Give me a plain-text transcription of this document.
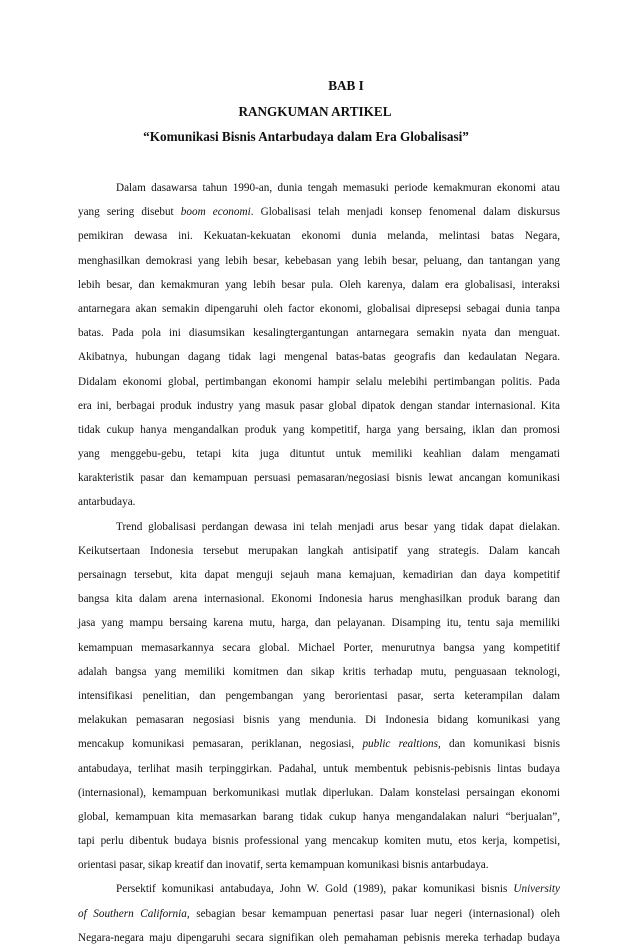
BAB I
RANGKUMAN ARTIKEL
“Komunikasi Bisnis Antarbudaya dalam Era Globalisasi”
Dalam dasawarsa tahun 1990-an, dunia tengah memasuki periode kemakmuran ekonomi atau
yang sering disebut boom economi. Globalisasi telah menjadi konsep fenomenal dalam diskursus
pemikiran dewasa ini. Kekuatan-kekuatan ekonomi dunia melanda, melintasi batas Negara,
menghasilkan demokrasi yang lebih besar, kebebasan yang lebih besar, peluang, dan tantangan yang
lebih besar, dan kemakmuran yang lebih besar pula. Oleh karenya, dalam era globalisasi, interaksi
antarnegara akan semakin dipengaruhi oleh factor ekonomi, globalisai dipresepsi sebagai dunia tanpa
batas. Pada pola ini diasumsikan kesalingtergantungan antarnegara semakin nyata dan menguat.
Akibatnya, hubungan dagang tidak lagi mengenal batas-batas geografis dan kedaulatan Negara.
Didalam ekonomi global, pertimbangan ekonomi hampir selalu melebihi pertimbangan politis. Pada
era ini, berbagai produk industry yang masuk pasar global dipatok dengan standar internasional. Kita
tidak cukup hanya mengandalkan produk yang kompetitif, harga yang bersaing, iklan dan promosi
yang menggebu-gebu, tetapi kita juga dituntut untuk memiliki keahlian dalam mengamati
karakteristik pasar dan kemampuan persuasi pemasaran/negosiasi bisnis lewat ancangan komunikasi
antarbudaya.
Trend globalisasi perdangan dewasa ini telah menjadi arus besar yang tidak dapat dielakan.
Keikutsertaan Indonesia tersebut merupakan langkah antisipatif yang strategis. Dalam kancah
persainagn tersebut, kita dapat menguji sejauh mana kemajuan, kemadirian dan daya kompetitif
bangsa kita dalam arena internasional. Ekonomi Indonesia harus menghasilkan produk barang dan
jasa yang mampu bersaing karena mutu, harga, dan pelayanan. Disamping itu, tentu saja memiliki
kemampuan memasarkannya secara global. Michael Porter, menurutnya bangsa yang kompetitif
adalah bangsa yang memiliki komitmen dan sikap kritis terhadap mutu, penguasaan teknologi,
intensifikasi penelitian, dan pengembangan yang berorientasi pasar, serta keterampilan dalam
melakukan pemasaran negosiasi bisnis yang mendunia. Di Indonesia bidang komunikasi yang
mencakup komunikasi pemasaran, periklanan, negosiasi, public realtions, dan komunikasi bisnis
antabudaya, terlihat masih terpinggirkan. Padahal, untuk membentuk pebisnis-pebisnis lintas budaya
(internasional), kemampuan berkomunikasi mutlak diperlukan. Dalam konstelasi persaingan ekonomi
global, kemampuan kita memasarkan barang tidak cukup hanya mengandalakan naluri “berjualan”,
tapi perlu dibentuk budaya bisnis professional yang mencakup komiten mutu, etos kerja, kompetisi,
orientasi pasar, sikap kreatif dan inovatif, serta kemampuan komunikasi bisnis antarbudaya.
Persektif komunikasi antabudaya, John W. Gold (1989), pakar komunikasi bisnis University
of Southern California, sebagian besar kemampuan penertasi pasar luar negeri (internasional) oleh
Negara-negara maju dipengaruhi secara signifikan oleh pemahaman pebisnis mereka terhadap budaya
